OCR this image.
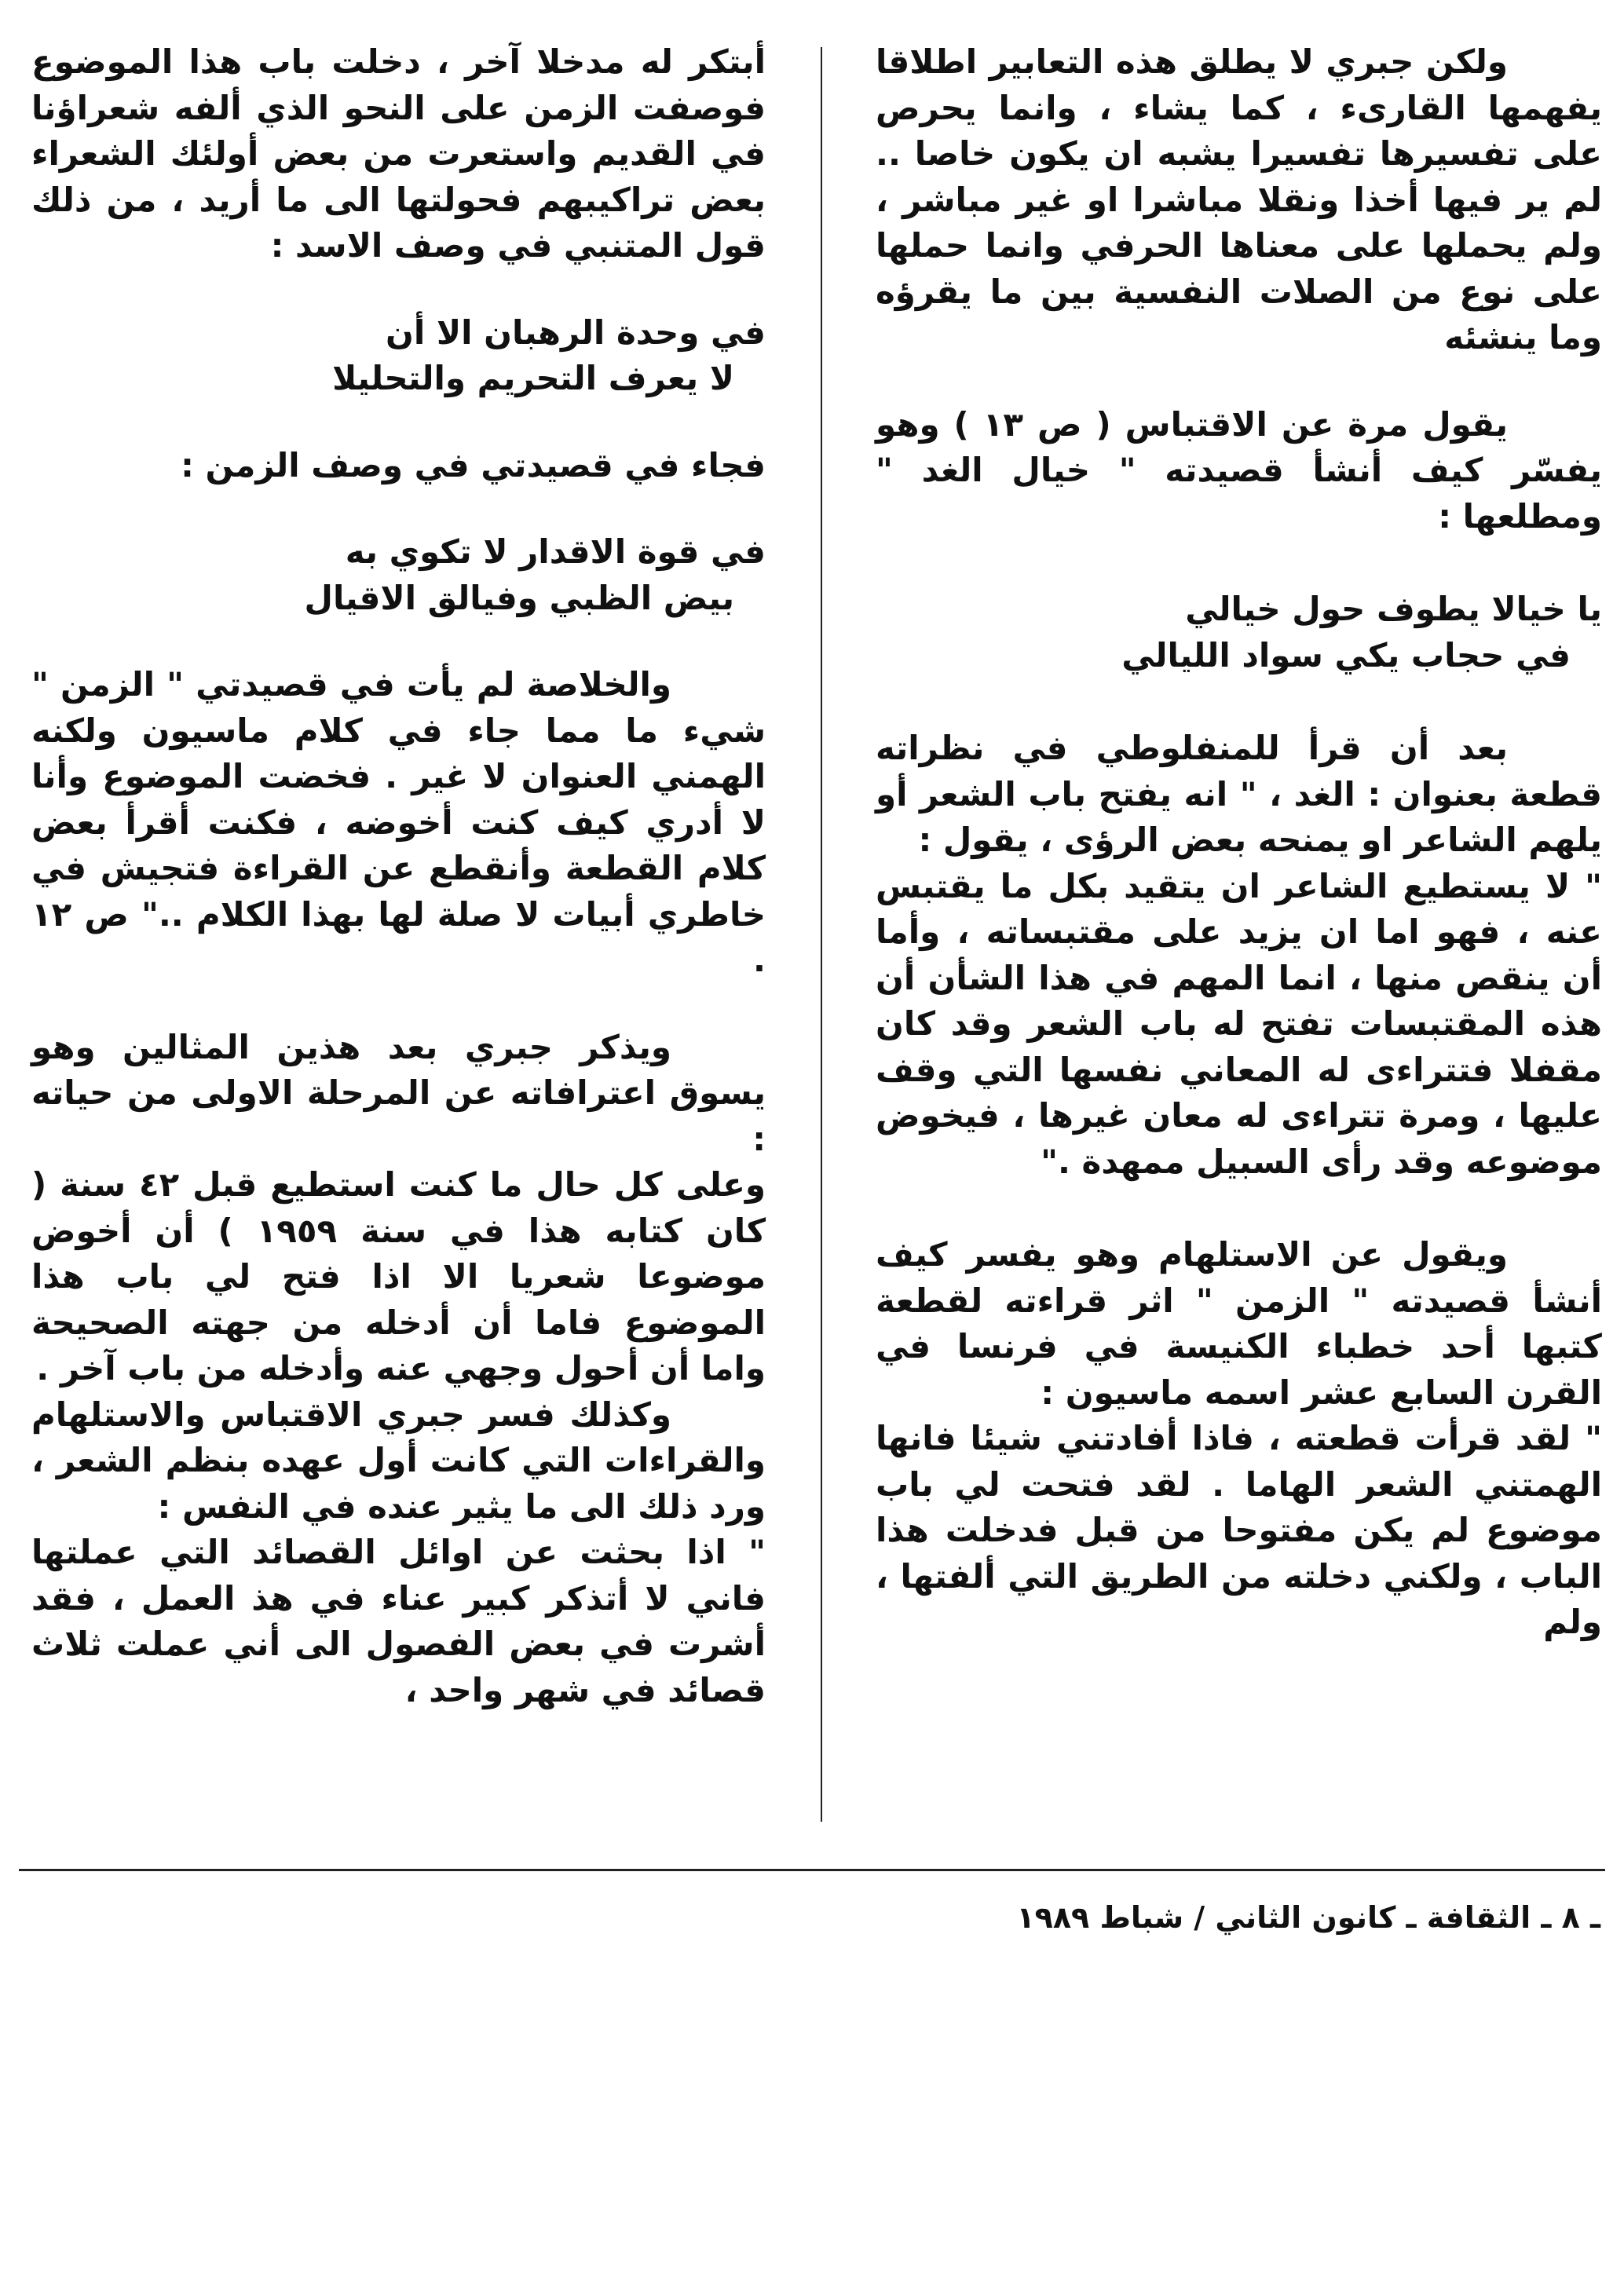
ولكن جبري لا يطلق هذه التعابير اطلاقا يفهمها القارىء ، كما يشاء ، وانما يحرص على تفسيرها تفسيرا يشبه ان يكون خاصا .. لم ير فيها أخذا ونقلا مباشرا او غير مباشر ، ولم يحملها على معناها الحرفي وانما حملها على نوع من الصلات النفسية بين ما يقرؤه وما ينشئه

يقول مرة عن الاقتباس ( ص ١٣ ) وهو يفسّر كيف أنشأ قصيدته " خيال الغد " ومطلعها :

يا خيالا يطوف حول خيالي

في حجاب يكي سواد الليالي

بعد أن قرأ للمنفلوطي في نظراته قطعة بعنوان : الغد ، " انه يفتح باب الشعر أو يلهم الشاعر او يمنحه بعض الرؤى ، يقول :

" لا يستطيع الشاعر ان يتقيد بكل ما يقتبس عنه ، فهو اما ان يزيد على مقتبساته ، وأما أن ينقص منها ، انما المهم في هذا الشأن أن هذه المقتبسات تفتح له باب الشعر وقد كان مقفلا فتتراءى له المعاني نفسها التي وقف عليها ، ومرة تتراءى له معان غيرها ، فيخوض موضوعه وقد رأى السبيل ممهدة ."

ويقول عن الاستلهام وهو يفسر كيف أنشأ قصيدته " الزمن " اثر قراءته لقطعة كتبها أحد خطباء الكنيسة في فرنسا في القرن السابع عشر اسمه ماسيون :

" لقد قرأت قطعته ، فاذا أفادتني شيئا فانها الهمتني الشعر الهاما . لقد فتحت لي باب موضوع لم يكن مفتوحا من قبل فدخلت هذا الباب ، ولكني دخلته من الطريق التي ألفتها ، ولم

أبتكر له مدخلا آخر ، دخلت باب هذا الموضوع فوصفت الزمن على النحو الذي ألفه شعراؤنا في القديم واستعرت من بعض أولئك الشعراء بعض تراكيبهم فحولتها الى ما أريد ، من ذلك قول المتنبي في وصف الاسد :

في وحدة الرهبان الا أن

لا يعرف التحريم والتحليلا

فجاء في قصيدتي في وصف الزمن :

في قوة الاقدار لا تكوي به

بيض الظبي وفيالق الاقيال

والخلاصة لم يأت في قصيدتي " الزمن " شيء ما مما جاء في كلام ماسيون ولكنه الهمني العنوان لا غير . فخضت الموضوع وأنا لا أدري كيف كنت أخوضه ، فكنت أقرأ بعض كلام القطعة وأنقطع عن القراءة فتجيش في خاطري أبيات لا صلة لها بهذا الكلام .." ص ١٢ .

ويذكر جبري بعد هذين المثالين وهو يسوق اعترافاته عن المرحلة الاولى من حياته :

وعلى كل حال ما كنت استطيع قبل ٤٢ سنة ( كان كتابه هذا في سنة ١٩٥٩ ) أن أخوض موضوعا شعريا الا اذا فتح لي باب هذا الموضوع فاما أن أدخله من جهته الصحيحة واما أن أحول وجهي عنه وأدخله من باب آخر .

وكذلك فسر جبري الاقتباس والاستلهام والقراءات التي كانت أول عهده بنظم الشعر ، ورد ذلك الى ما يثير عنده في النفس :

" اذا بحثت عن اوائل القصائد التي عملتها فاني لا أتذكر كبير عناء في هذ العمل ، فقد أشرت في بعض الفصول الى أني عملت ثلاث قصائد في شهر واحد ،

ـ ٨ ـ الثقافة ـ كانون الثاني / شباط ١٩٨٩
